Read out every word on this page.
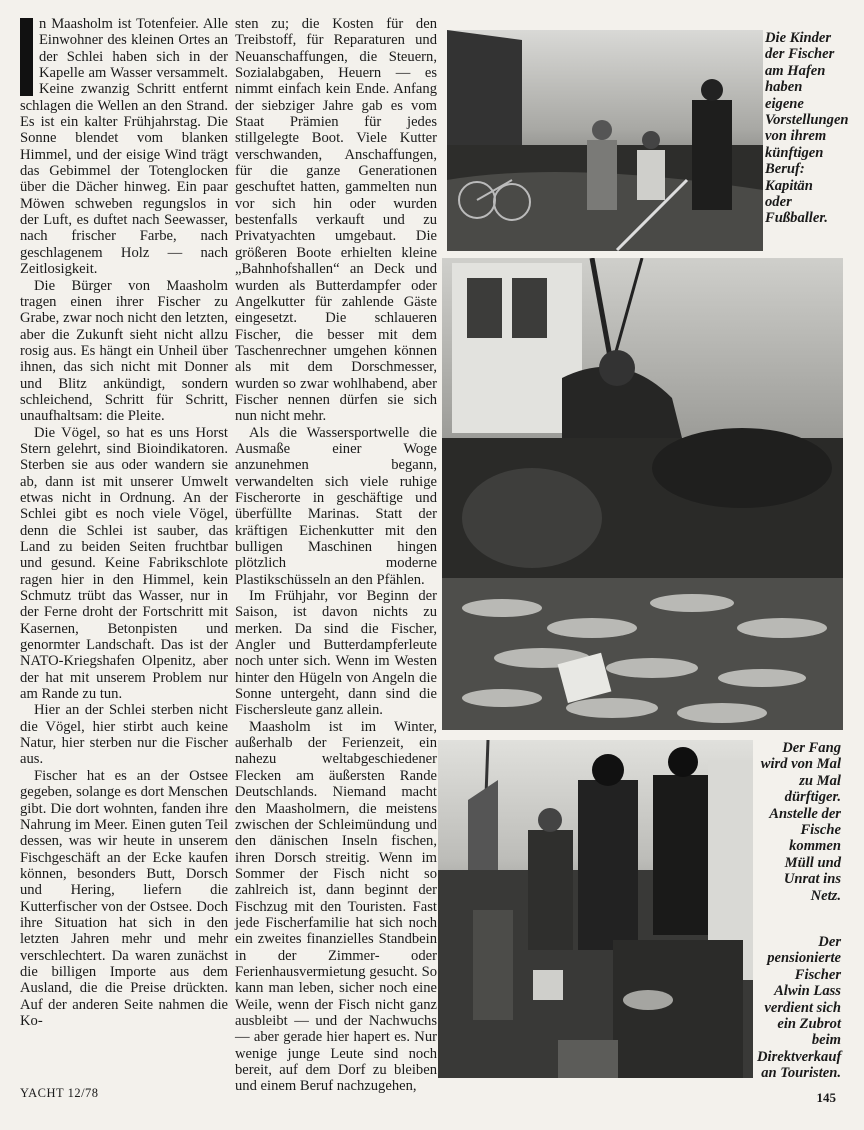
n Maasholm ist Totenfeier. Alle Einwohner des kleinen Ortes an der Schlei haben sich in der Kapelle am Wasser versammelt. Keine zwanzig Schritt entfernt schlagen die Wellen an den Strand. Es ist ein kalter Frühjahrstag. Die Sonne blendet vom blanken Himmel, und der eisige Wind trägt das Gebimmel der Totenglocken über die Dächer hinweg. Ein paar Möwen schweben regungslos in der Luft, es duftet nach Seewasser, nach frischer Farbe, nach geschlagenem Holz — nach Zeitlosigkeit.

Die Bürger von Maasholm tragen einen ihrer Fischer zu Grabe, zwar noch nicht den letzten, aber die Zukunft sieht nicht allzu rosig aus. Es hängt ein Unheil über ihnen, das sich nicht mit Donner und Blitz ankündigt, sondern schleichend, Schritt für Schritt, unaufhaltsam: die Pleite.

Die Vögel, so hat es uns Horst Stern gelehrt, sind Bioindikatoren. Sterben sie aus oder wandern sie ab, dann ist mit unserer Umwelt etwas nicht in Ordnung. An der Schlei gibt es noch viele Vögel, denn die Schlei ist sauber, das Land zu beiden Seiten fruchtbar und gesund. Keine Fabrikschlote ragen hier in den Himmel, kein Schmutz trübt das Wasser, nur in der Ferne droht der Fortschritt mit Kasernen, Betonpisten und genormter Landschaft. Das ist der NATO-Kriegshafen Olpenitz, aber der hat mit unserem Problem nur am Rande zu tun.

Hier an der Schlei sterben nicht die Vögel, hier stirbt auch keine Natur, hier sterben nur die Fischer aus.

Fischer hat es an der Ostsee gegeben, solange es dort Menschen gibt. Die dort wohnten, fanden ihre Nahrung im Meer. Einen guten Teil dessen, was wir heute in unserem Fischgeschäft an der Ecke kaufen können, besonders Butt, Dorsch und Hering, liefern die Kutterfischer von der Ostsee. Doch ihre Situation hat sich in den letzten Jahren mehr und mehr verschlechtert. Da waren zunächst die billigen Importe aus dem Ausland, die die Preise drückten. Auf der anderen Seite nahmen die Ko-

sten zu; die Kosten für den Treibstoff, für Reparaturen und Neuanschaffungen, die Steuern, Sozialabgaben, Heuern — es nimmt einfach kein Ende. Anfang der siebziger Jahre gab es vom Staat Prämien für jedes stillgelegte Boot. Viele Kutter verschwanden, Anschaffungen, für die ganze Generationen geschuftet hatten, gammelten nun vor sich hin oder wurden bestenfalls verkauft und zu Privatyachten umgebaut. Die größeren Boote erhielten kleine „Bahnhofshallen“ an Deck und wurden als Butterdampfer oder Angelkutter für zahlende Gäste eingesetzt. Die schlaueren Fischer, die besser mit dem Taschenrechner umgehen können als mit dem Dorschmesser, wurden so zwar wohlhabend, aber Fischer nennen dürfen sie sich nun nicht mehr.

Als die Wassersportwelle die Ausmaße einer Woge anzunehmen begann, verwandelten sich viele ruhige Fischerorte in geschäftige und überfüllte Marinas. Statt der kräftigen Eichenkutter mit den bulligen Maschinen hingen plötzlich moderne Plastikschüsseln an den Pfählen.

Im Frühjahr, vor Beginn der Saison, ist davon nichts zu merken. Da sind die Fischer, Angler und Butterdampferleute noch unter sich. Wenn im Westen hinter den Hügeln von Angeln die Sonne untergeht, dann sind die Fischersleute ganz allein.

Maasholm ist im Winter, außerhalb der Ferienzeit, ein nahezu weltabgeschiedener Flecken am äußersten Rande Deutschlands. Niemand macht den Maasholmern, die meistens zwischen der Schleimündung und den dänischen Inseln fischen, ihren Dorsch streitig. Wenn im Sommer der Fisch nicht so zahlreich ist, dann beginnt der Fischzug mit den Touristen. Fast jede Fischerfamilie hat sich noch ein zweites finanzielles Standbein in der Zimmer- oder Ferienhausvermietung gesucht. So kann man leben, sicher noch eine Weile, wenn der Fisch nicht ganz ausbleibt — und der Nachwuchs — aber gerade hier hapert es. Nur wenige junge Leute sind noch bereit, auf dem Dorf zu bleiben und einem Beruf nachzugehen,

Die Kinder der Fischer am Hafen haben eigene Vorstellungen von ihrem künftigen Beruf: Kapitän oder Fußballer.
Der Fang wird von Mal zu Mal dürftiger. Anstelle der Fische kommen Müll und Unrat ins Netz.
Der pensionierte Fischer Alwin Lass verdient sich ein Zubrot beim Direktverkauf an Touristen.
YACHT 12/78	145
